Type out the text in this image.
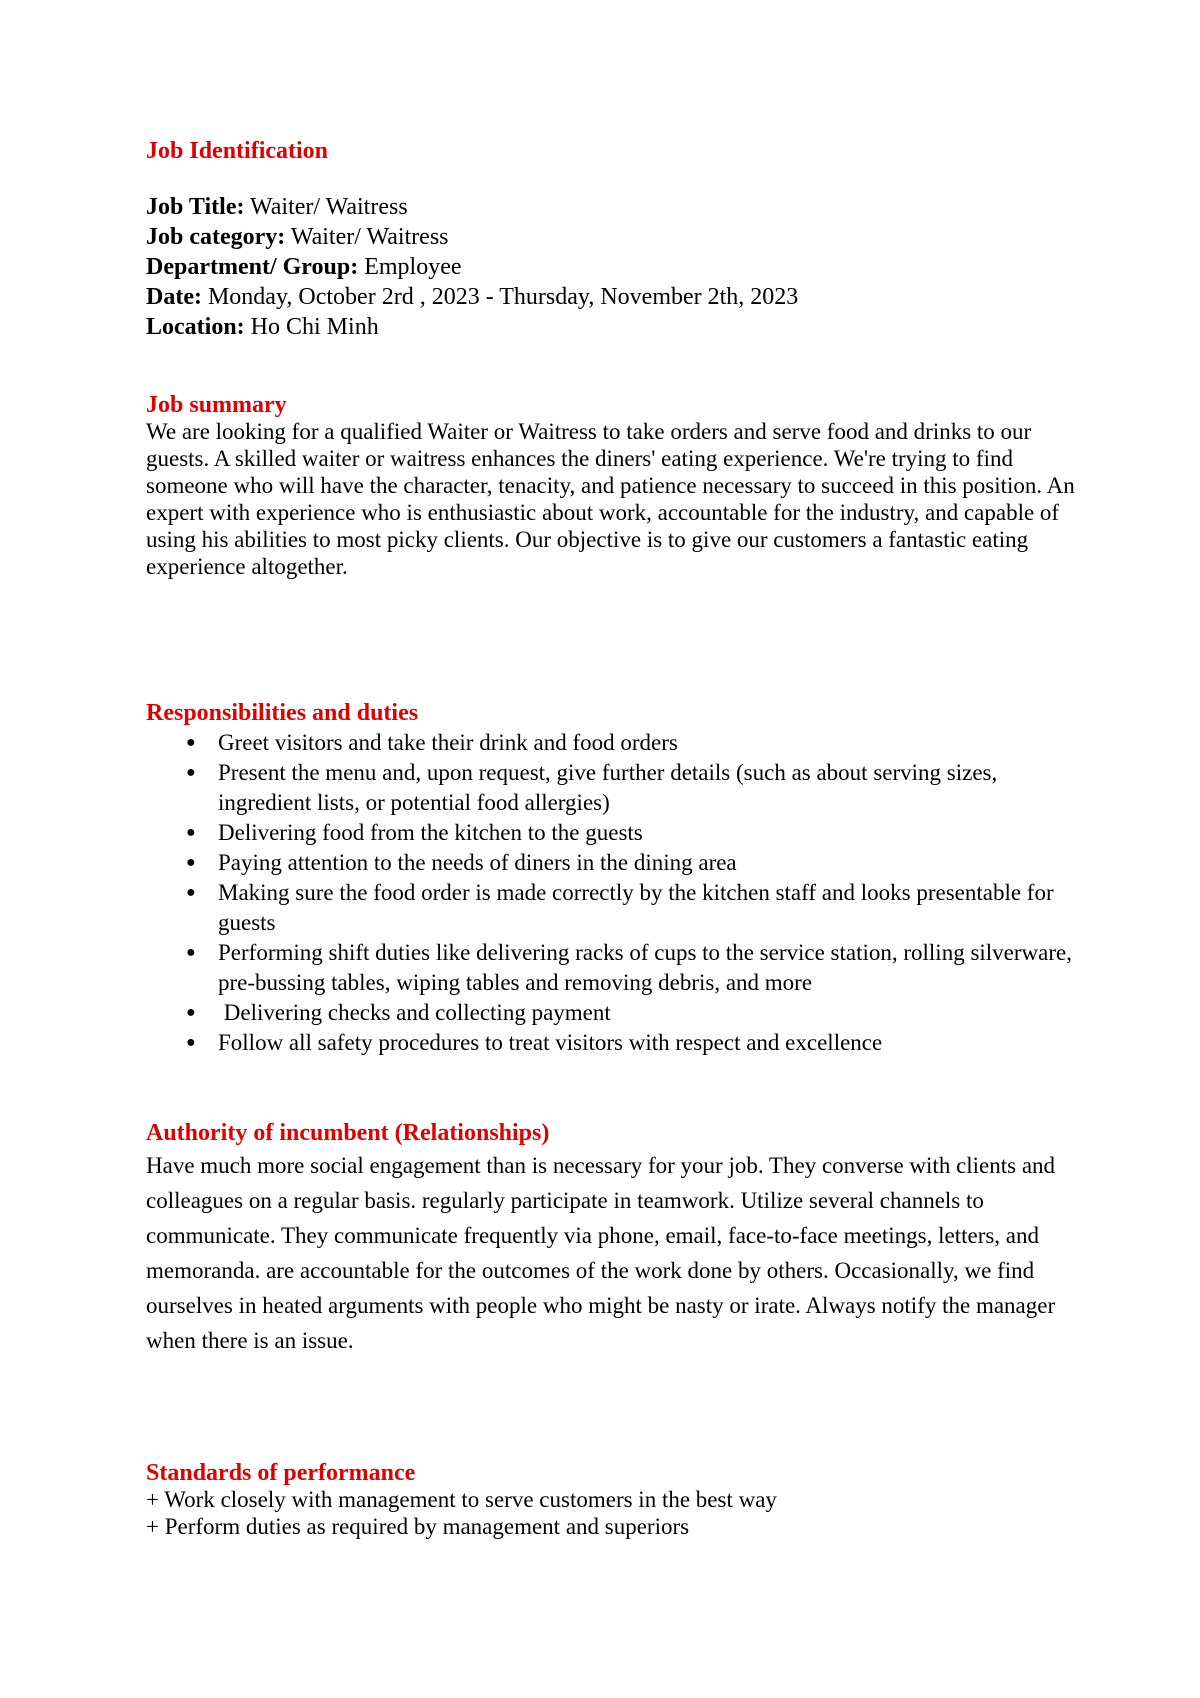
Job Identification

Job Title: Waiter/ Waitress

Job category: Waiter/ Waitress

Department/ Group: Employee

Date: Monday, October 2rd , 2023 - Thursday, November 2th, 2023

Location: Ho Chi Minh

Job summary

We are looking for a qualified Waiter or Waitress to take orders and serve food and drinks to our guests. A skilled waiter or waitress enhances the diners' eating experience. We're trying to find someone who will have the character, tenacity, and patience necessary to succeed in this position. An expert with experience who is enthusiastic about work, accountable for the industry, and capable of using his abilities to most picky clients. Our objective is to give our customers a fantastic eating experience altogether.

Responsibilities and duties

● Greet visitors and take their drink and food orders
● Present the menu and, upon request, give further details (such as about serving sizes, ingredient lists, or potential food allergies)
● Delivering food from the kitchen to the guests
● Paying attention to the needs of diners in the dining area
● Making sure the food order is made correctly by the kitchen staff and looks presentable for guests
● Performing shift duties like delivering racks of cups to the service station, rolling silverware, pre-bussing tables, wiping tables and removing debris, and more
● Delivering checks and collecting payment
● Follow all safety procedures to treat visitors with respect and excellence

Authority of incumbent (Relationships)

Have much more social engagement than is necessary for your job. They converse with clients and colleagues on a regular basis. regularly participate in teamwork. Utilize several channels to communicate. They communicate frequently via phone, email, face-to-face meetings, letters, and memoranda. are accountable for the outcomes of the work done by others. Occasionally, we find ourselves in heated arguments with people who might be nasty or irate. Always notify the manager when there is an issue.

Standards of performance

+ Work closely with management to serve customers in the best way

+ Perform duties as required by management and superiors
